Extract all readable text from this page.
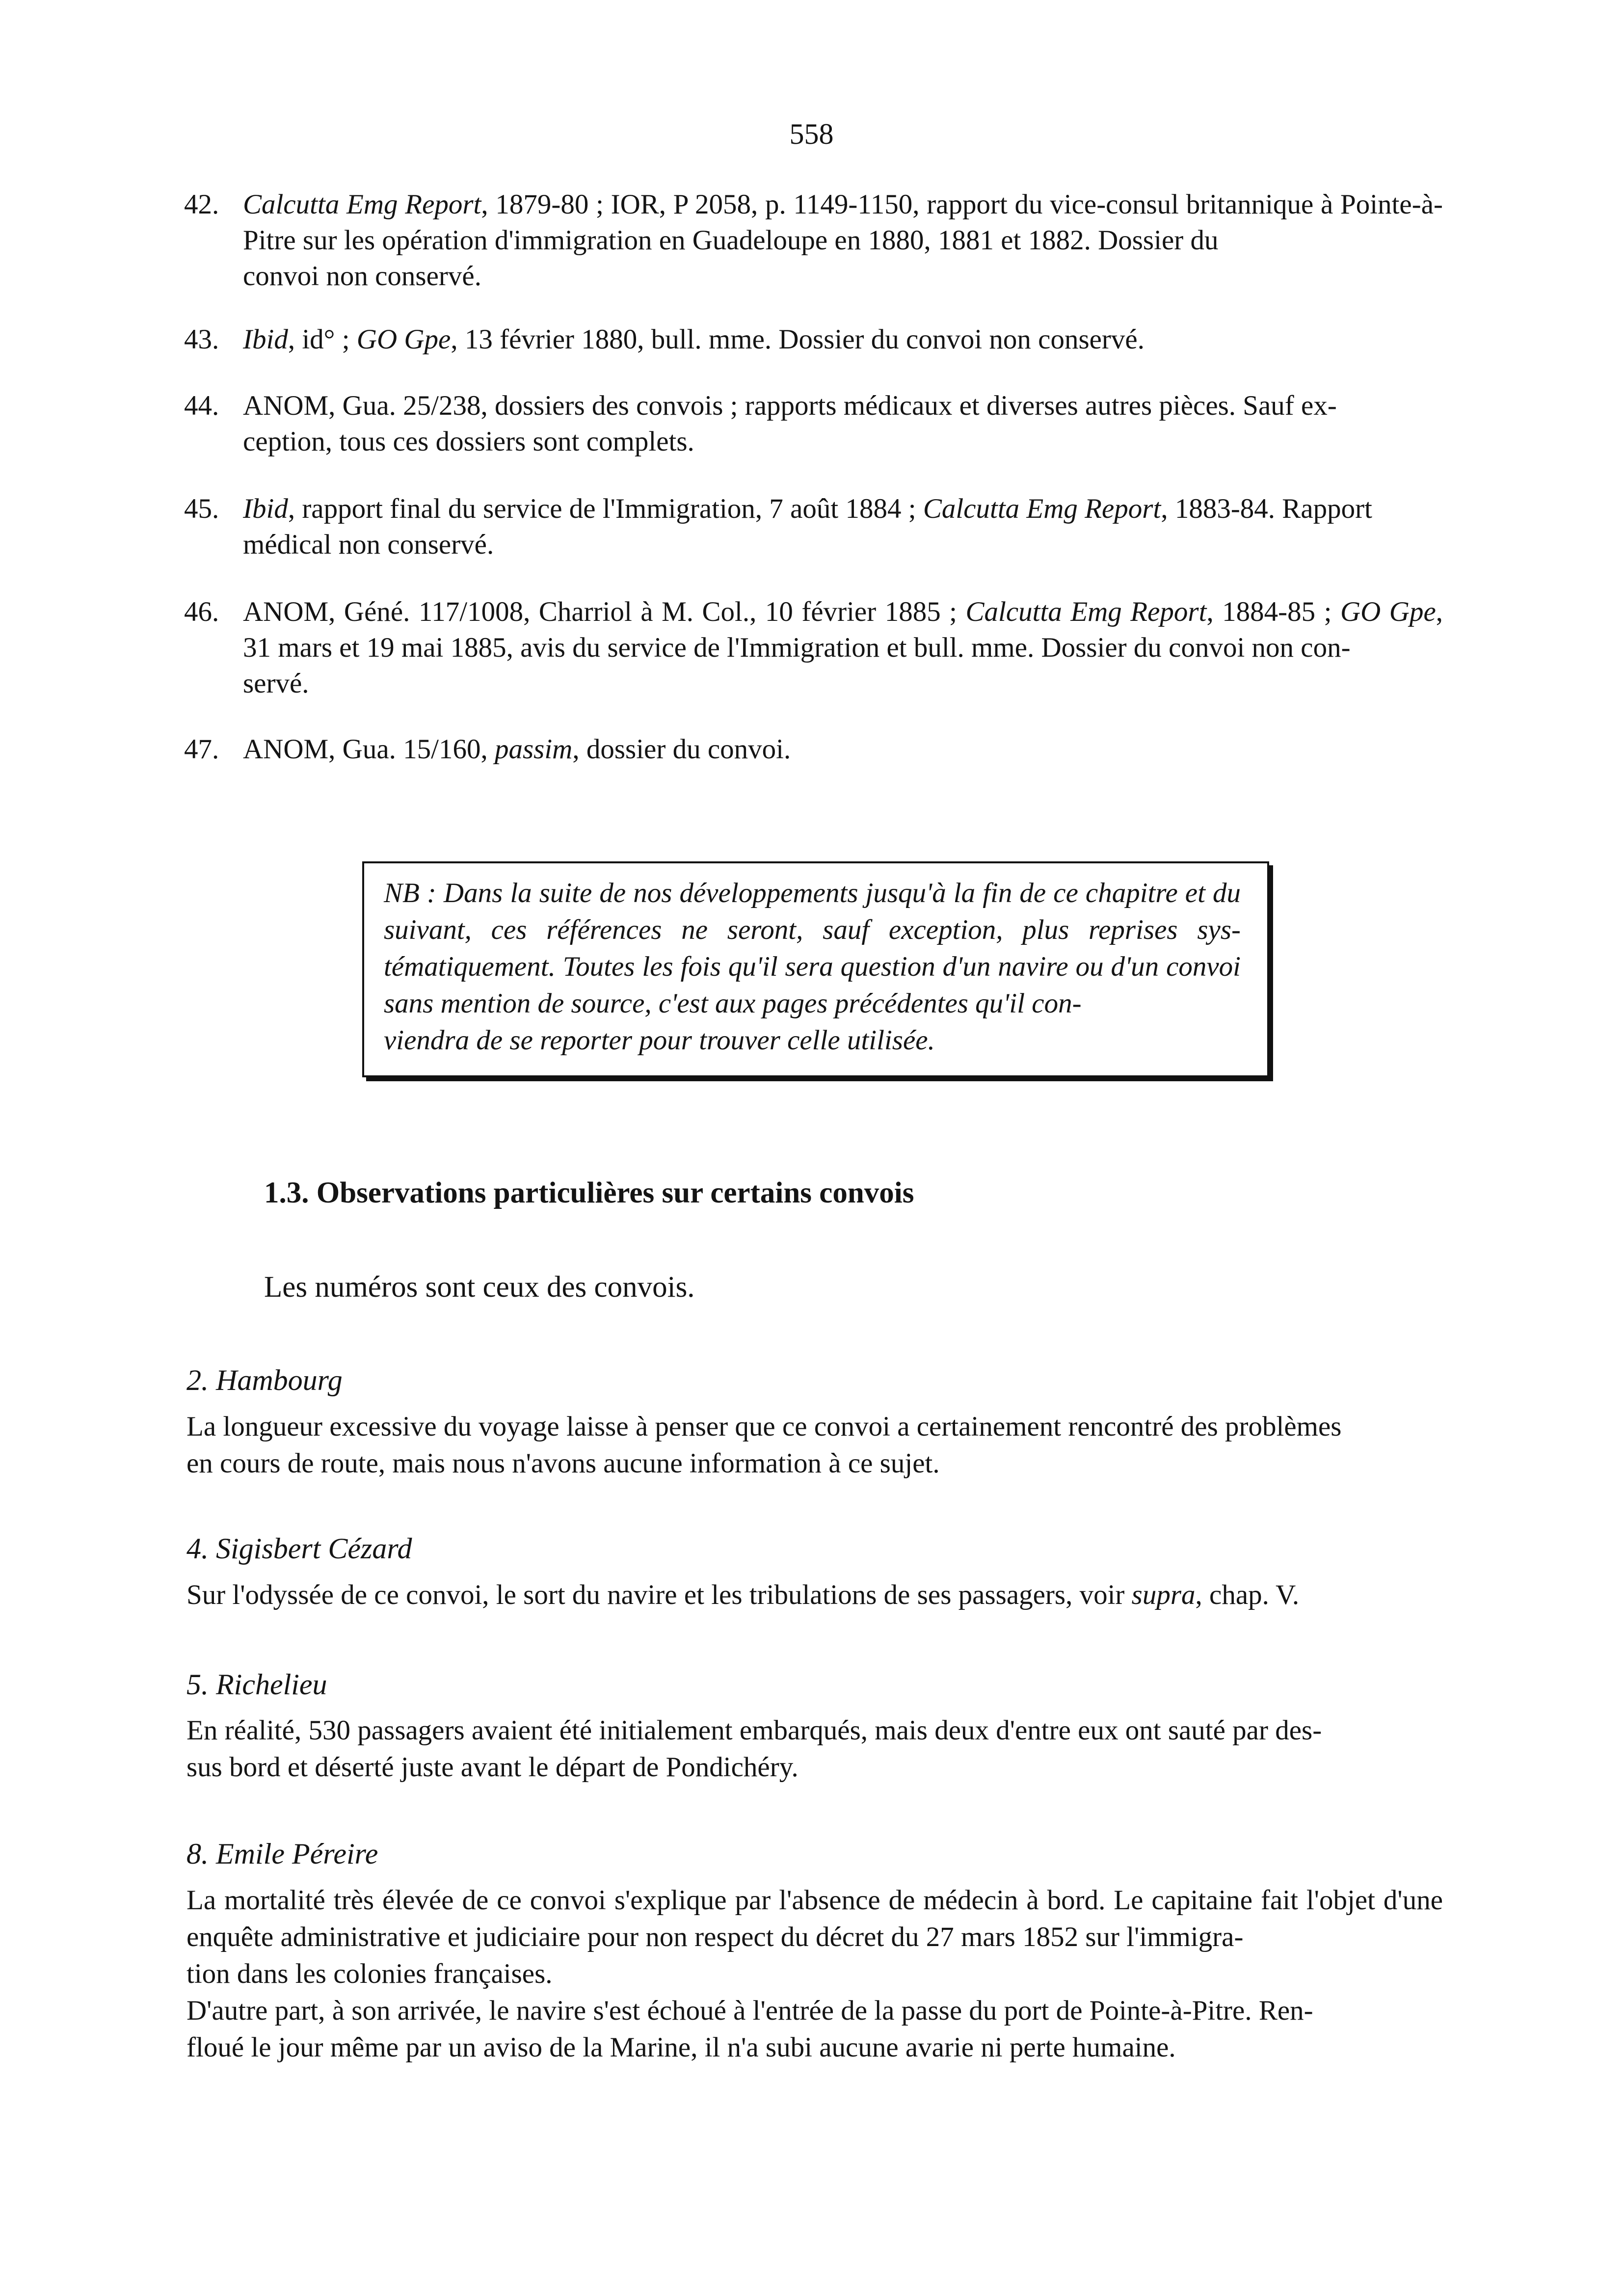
558
42. Calcutta Emg Report, 1879-80 ; IOR, P 2058, p. 1149-1150, rapport du vice-consul britannique à Pointe-à-Pitre sur les opération d'immigration en Guadeloupe en 1880, 1881 et 1882. Dossier du
convoi non conservé.
43. Ibid, id° ; GO Gpe, 13 février 1880, bull. mme. Dossier du convoi non conservé.
44. ANOM, Gua. 25/238, dossiers des convois ; rapports médicaux et diverses autres pièces. Sauf ex-
ception, tous ces dossiers sont complets.
45. Ibid, rapport final du service de l'Immigration, 7 août 1884 ; Calcutta Emg Report, 1883-84. Rapport
médical non conservé.
46. ANOM, Géné. 117/1008, Charriol à M. Col., 10 février 1885 ; Calcutta Emg Report, 1884-85 ; GO Gpe, 31 mars et 19 mai 1885, avis du service de l'Immigration et bull. mme. Dossier du convoi non con-
servé.
47. ANOM, Gua. 15/160, passim, dossier du convoi.
NB : Dans la suite de nos développements jusqu'à la fin de ce chapitre et du suivant, ces références ne seront, sauf exception, plus reprises sys-tématiquement. Toutes les fois qu'il sera question d'un navire ou d'un convoi sans mention de source, c'est aux pages précédentes qu'il con-
viendra de se reporter pour trouver celle utilisée.
1.3. Observations particulières sur certains convois
Les numéros sont ceux des convois.
2. Hambourg
La longueur excessive du voyage laisse à penser que ce convoi a certainement rencontré des problèmes
en cours de route, mais nous n'avons aucune information à ce sujet.
4. Sigisbert Cézard
Sur l'odyssée de ce convoi, le sort du navire et les tribulations de ses passagers, voir supra, chap. V.
5. Richelieu
En réalité, 530 passagers avaient été initialement embarqués, mais deux d'entre eux ont sauté par des-
sus bord et déserté juste avant le départ de Pondichéry.
8. Emile Péreire
La mortalité très élevée de ce convoi s'explique par l'absence de médecin à bord. Le capitaine fait l'objet d'une enquête administrative et judiciaire pour non respect du décret du 27 mars 1852 sur l'immigra-
tion dans les colonies françaises.
D'autre part, à son arrivée, le navire s'est échoué à l'entrée de la passe du port de Pointe-à-Pitre. Ren-
floué le jour même par un aviso de la Marine, il n'a subi aucune avarie ni perte humaine.
